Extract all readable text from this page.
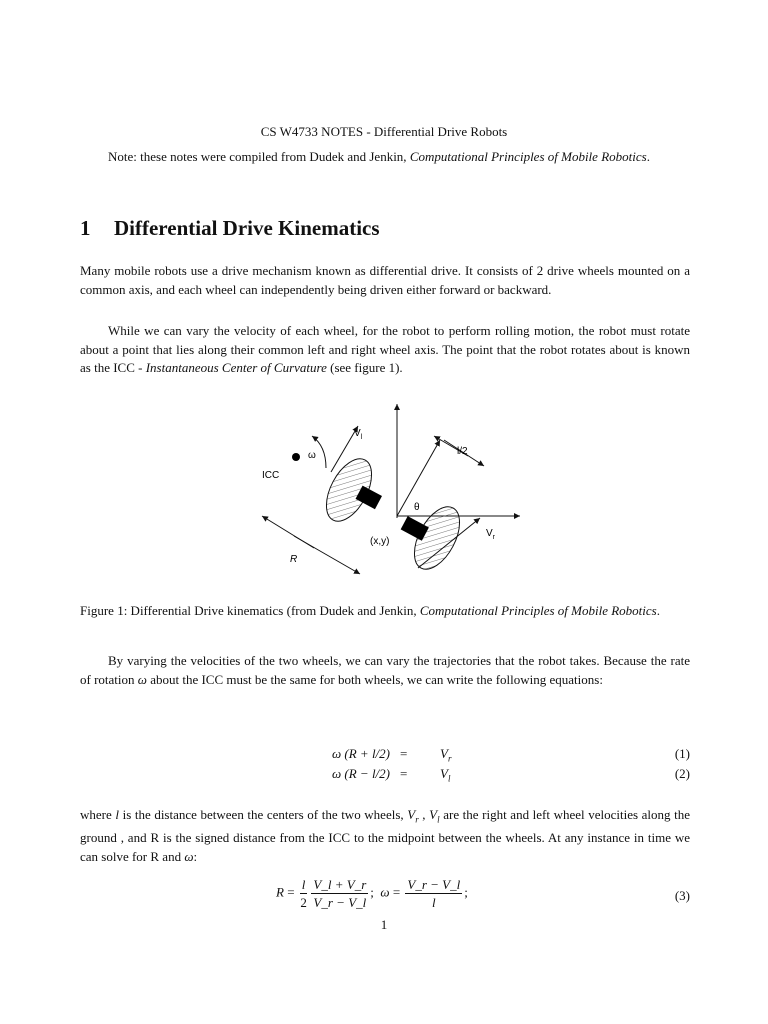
CS W4733 NOTES - Differential Drive Robots
Note: these notes were compiled from Dudek and Jenkin, Computational Principles of Mobile Robotics.
1 Differential Drive Kinematics
Many mobile robots use a drive mechanism known as differential drive. It consists of 2 drive wheels mounted on a common axis, and each wheel can independently being driven either forward or backward.
While we can vary the velocity of each wheel, for the robot to perform rolling motion, the robot must rotate about a point that lies along their common left and right wheel axis. The point that the robot rotates about is known as the ICC - Instantaneous Center of Curvature (see figure 1).
$V_l$
ω	l/2
ICC
θ
$V_r$
(x,y)
R
Figure 1: Differential Drive kinematics (from Dudek and Jenkin, Computational Principles of Mobile Robotics.
By varying the velocities of the two wheels, we can vary the trajectories that the robot takes. Because the rate of rotation ω about the ICC must be the same for both wheels, we can write the following equations:
ω (R + l/2) =	$V_r$	(1)
ω (R − l/2) =	$V_l$	(2)
where l is the distance between the centers of the two wheels, $V_r$ , $V_l$ are the right and left wheel velocities along the ground , and R is the signed distance from the ICC to the midpoint between the wheels. At any instance in time we can solve for R and ω:
$R = \frac{l}{2} \frac{V\_l + V\_r}{V\_r - V\_l}$ ; $\omega = \frac{V\_r - V\_l}{l}$ ;	(3)
1
